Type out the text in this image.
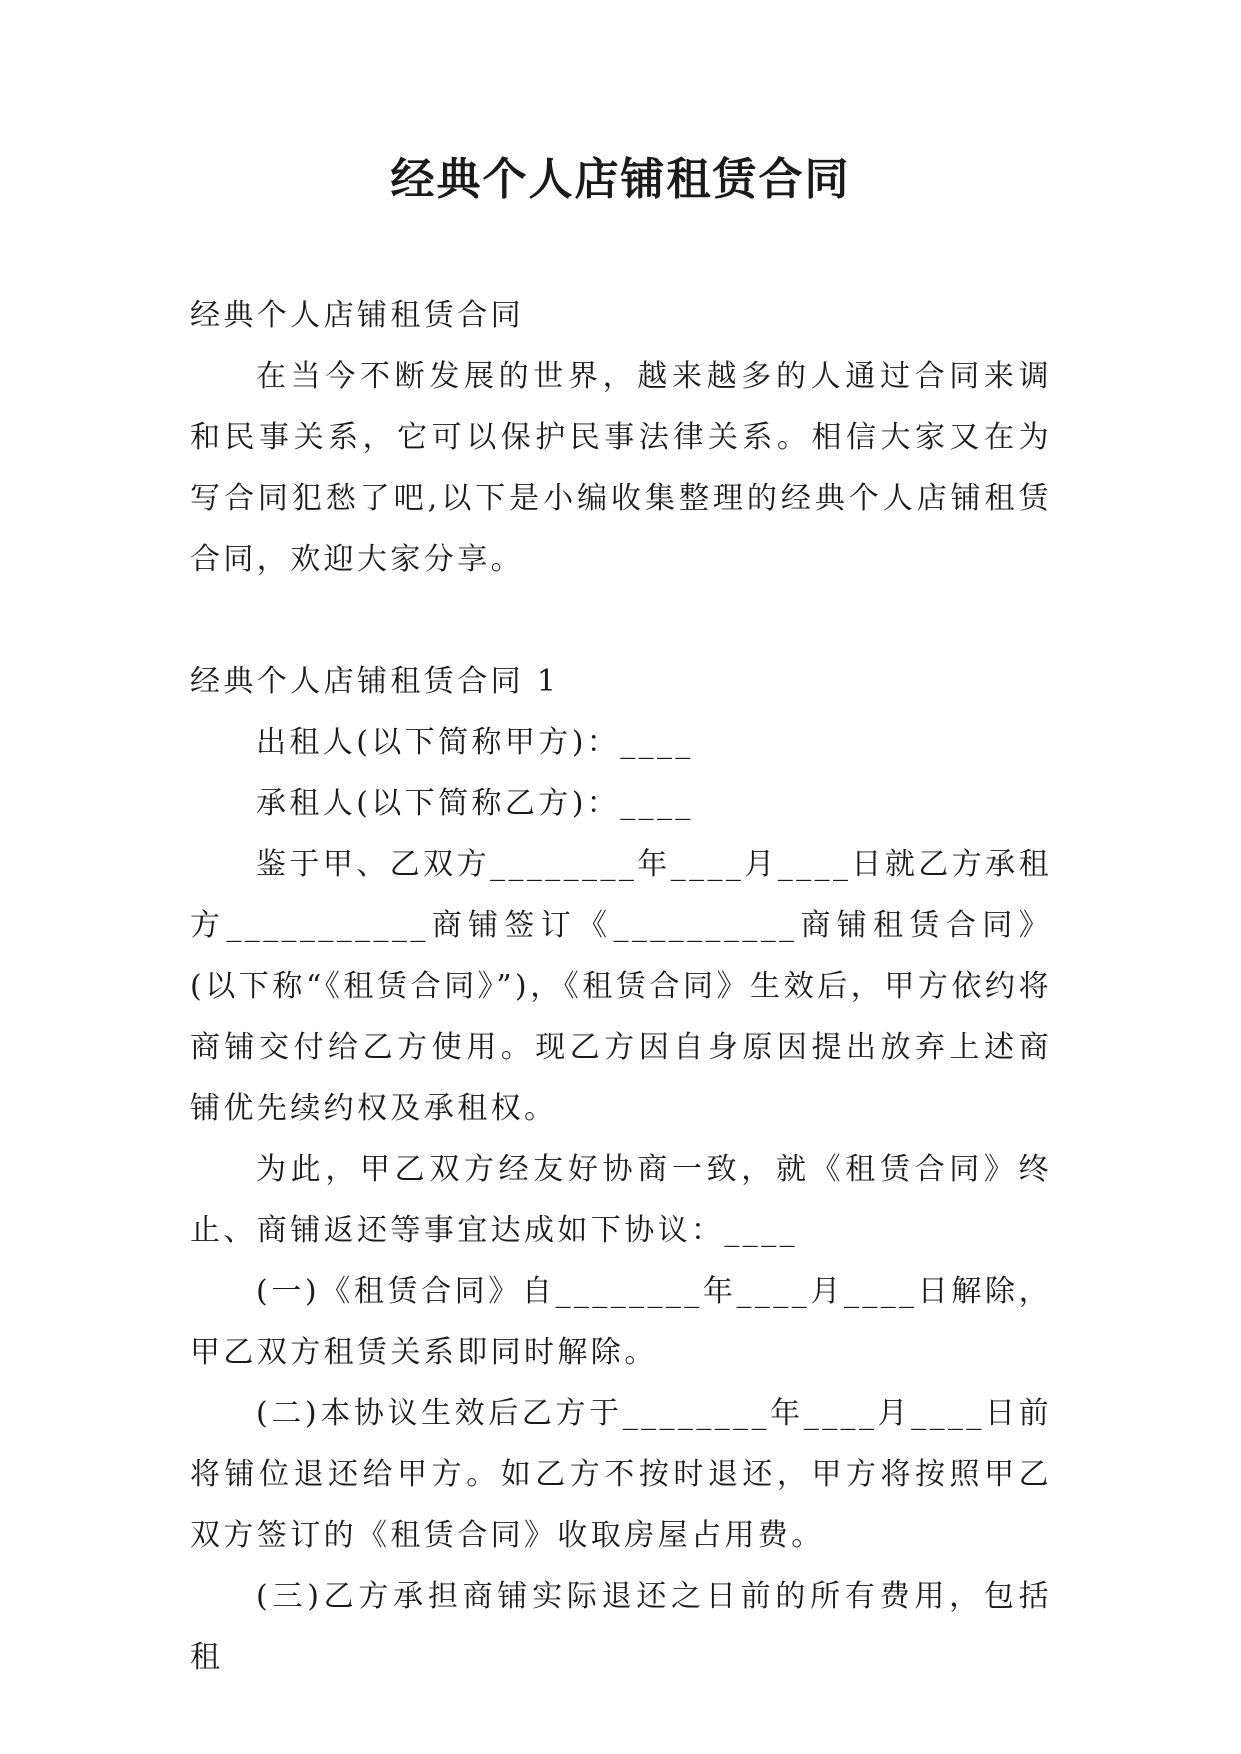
经典个人店铺租赁合同

经典个人店铺租赁合同

在当今不断发展的世界，越来越多的人通过合同来调和民事关系，它可以保护民事法律关系。相信大家又在为写合同犯愁了吧,以下是小编收集整理的经典个人店铺租赁合同，欢迎大家分享。

经典个人店铺租赁合同 1

出租人(以下简称甲方)：____

承租人(以下简称乙方)：____

鉴于甲、乙双方________年____月____日就乙方承租方___________商铺签订《__________商铺租赁合同》(以下称“《租赁合同》”)，《租赁合同》生效后，甲方依约将商铺交付给乙方使用。现乙方因自身原因提出放弃上述商铺优先续约权及承租权。

为此，甲乙双方经友好协商一致，就《租赁合同》终止、商铺返还等事宜达成如下协议：____

(一)《租赁合同》自________年____月____日解除，甲乙双方租赁关系即同时解除。

(二)本协议生效后乙方于________年____月____日前将铺位退还给甲方。如乙方不按时退还，甲方将按照甲乙双方签订的《租赁合同》收取房屋占用费。

(三)乙方承担商铺实际退还之日前的所有费用，包括租
